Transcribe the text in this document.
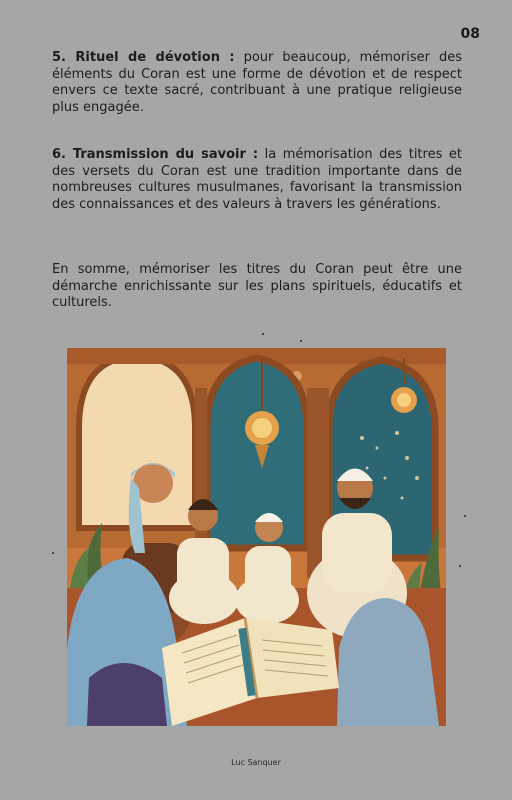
08
5. Rituel de dévotion : pour beaucoup, mémoriser des éléments du Coran est une forme de dévotion et de respect envers ce texte sacré, contribuant à une pratique religieuse plus engagée.
6. Transmission du savoir : la mémorisation des titres et des versets du Coran est une tradition importante dans de nombreuses cultures musulmanes, favorisant la transmission des connaissances et des valeurs à travers les générations.
En somme, mémoriser les titres du Coran peut être une démarche enrichissante sur les plans spirituels, éducatifs et culturels.
Luc Sanquer
